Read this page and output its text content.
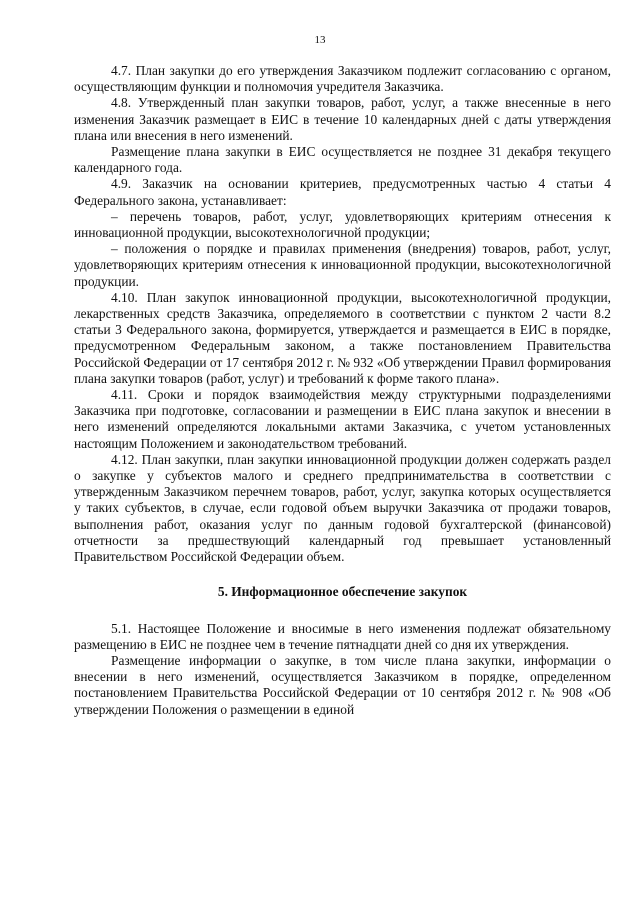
13

4.7. План закупки до его утверждения Заказчиком подлежит согласованию с органом, осуществляющим функции и полномочия учредителя Заказчика.

4.8. Утвержденный план закупки товаров, работ, услуг, а также внесенные в него изменения Заказчик размещает в ЕИС в течение 10 календарных дней с даты утверждения плана или внесения в него изменений.

Размещение плана закупки в ЕИС осуществляется не позднее 31 декабря текущего календарного года.

4.9. Заказчик на основании критериев, предусмотренных частью 4 статьи 4 Федерального закона, устанавливает:

– перечень товаров, работ, услуг, удовлетворяющих критериям отнесения к инновационной продукции, высокотехнологичной продукции;

– положения о порядке и правилах применения (внедрения) товаров, работ, услуг, удовлетворяющих критериям отнесения к инновационной продукции, высокотехнологичной продукции.

4.10. План закупок инновационной продукции, высокотехнологичной продукции, лекарственных средств Заказчика, определяемого в соответствии с пунктом 2 части 8.2 статьи 3 Федерального закона, формируется, утверждается и размещается в ЕИС в порядке, предусмотренном Федеральным законом, а также постановлением Правительства Российской Федерации от 17 сентября 2012 г. № 932 «Об утверждении Правил формирования плана закупки товаров (работ, услуг) и требований к форме такого плана».

4.11. Сроки и порядок взаимодействия между структурными подразделениями Заказчика при подготовке, согласовании и размещении в ЕИС плана закупок и внесении в него изменений определяются локальными актами Заказчика, с учетом установленных настоящим Положением и законодательством требований.

4.12. План закупки, план закупки инновационной продукции должен содержать раздел о закупке у субъектов малого и среднего предпринимательства в соответствии с утвержденным Заказчиком перечнем товаров, работ, услуг, закупка которых осуществляется у таких субъектов, в случае, если годовой объем выручки Заказчика от продажи товаров, выполнения работ, оказания услуг по данным годовой бухгалтерской (финансовой) отчетности за предшествующий календарный год превышает установленный Правительством Российской Федерации объем.

5. Информационное обеспечение закупок

5.1. Настоящее Положение и вносимые в него изменения подлежат обязательному размещению в ЕИС не позднее чем в течение пятнадцати дней со дня их утверждения.

Размещение информации о закупке, в том числе плана закупки, информации о внесении в него изменений, осуществляется Заказчиком в порядке, определенном постановлением Правительства Российской Федерации от 10 сентября 2012 г. № 908 «Об утверждении Положения о размещении в единой
